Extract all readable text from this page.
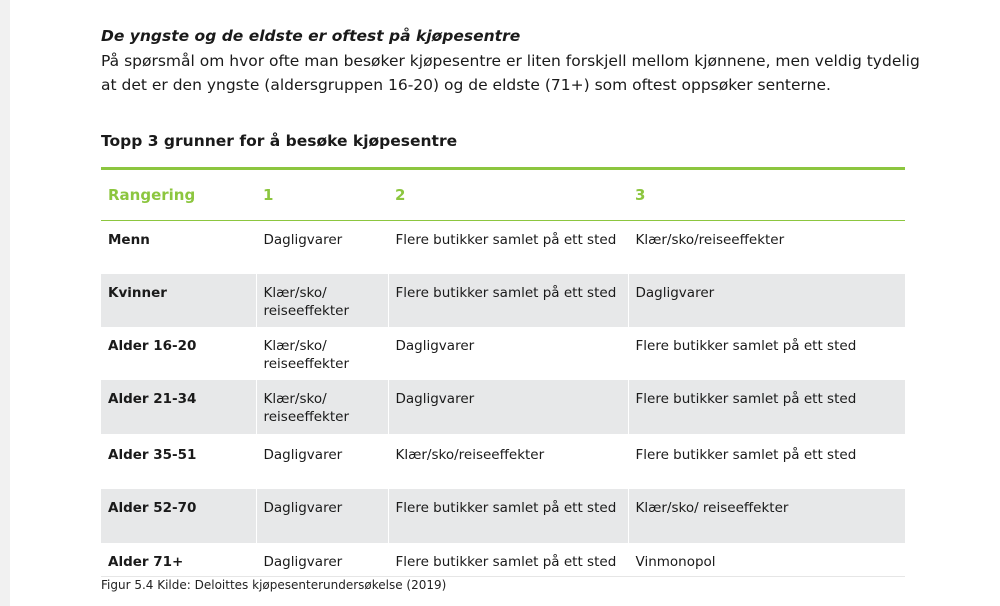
De yngste og de eldste er oftest på kjøpesentre

På spørsmål om hvor ofte man besøker kjøpesentre er liten forskjell mellom kjønnene, men veldig tydelig at det er den yngste (aldersgruppen 16-20) og de eldste (71+) som oftest oppsøker senterne.

Topp 3 grunner for å besøke kjøpesentre
Rangering	1	2	3
Menn	Dagligvarer	Flere butikker samlet på ett sted	Klær/sko/reiseeffekter
Kvinner	Klær/sko/ reiseeffekter	Flere butikker samlet på ett sted	Dagligvarer
Alder 16-20	Klær/sko/ reiseeffekter	Dagligvarer	Flere butikker samlet på ett sted
Alder 21-34	Klær/sko/ reiseeffekter	Dagligvarer	Flere butikker samlet på ett sted
Alder 35-51	Dagligvarer	Klær/sko/reiseeffekter	Flere butikker samlet på ett sted
Alder 52-70	Dagligvarer	Flere butikker samlet på ett sted	Klær/sko/ reiseeffekter
Alder 71+	Dagligvarer	Flere butikker samlet på ett sted	Vinmonopol

Figur 5.4 Kilde: Deloittes kjøpesenterundersøkelse (2019)
